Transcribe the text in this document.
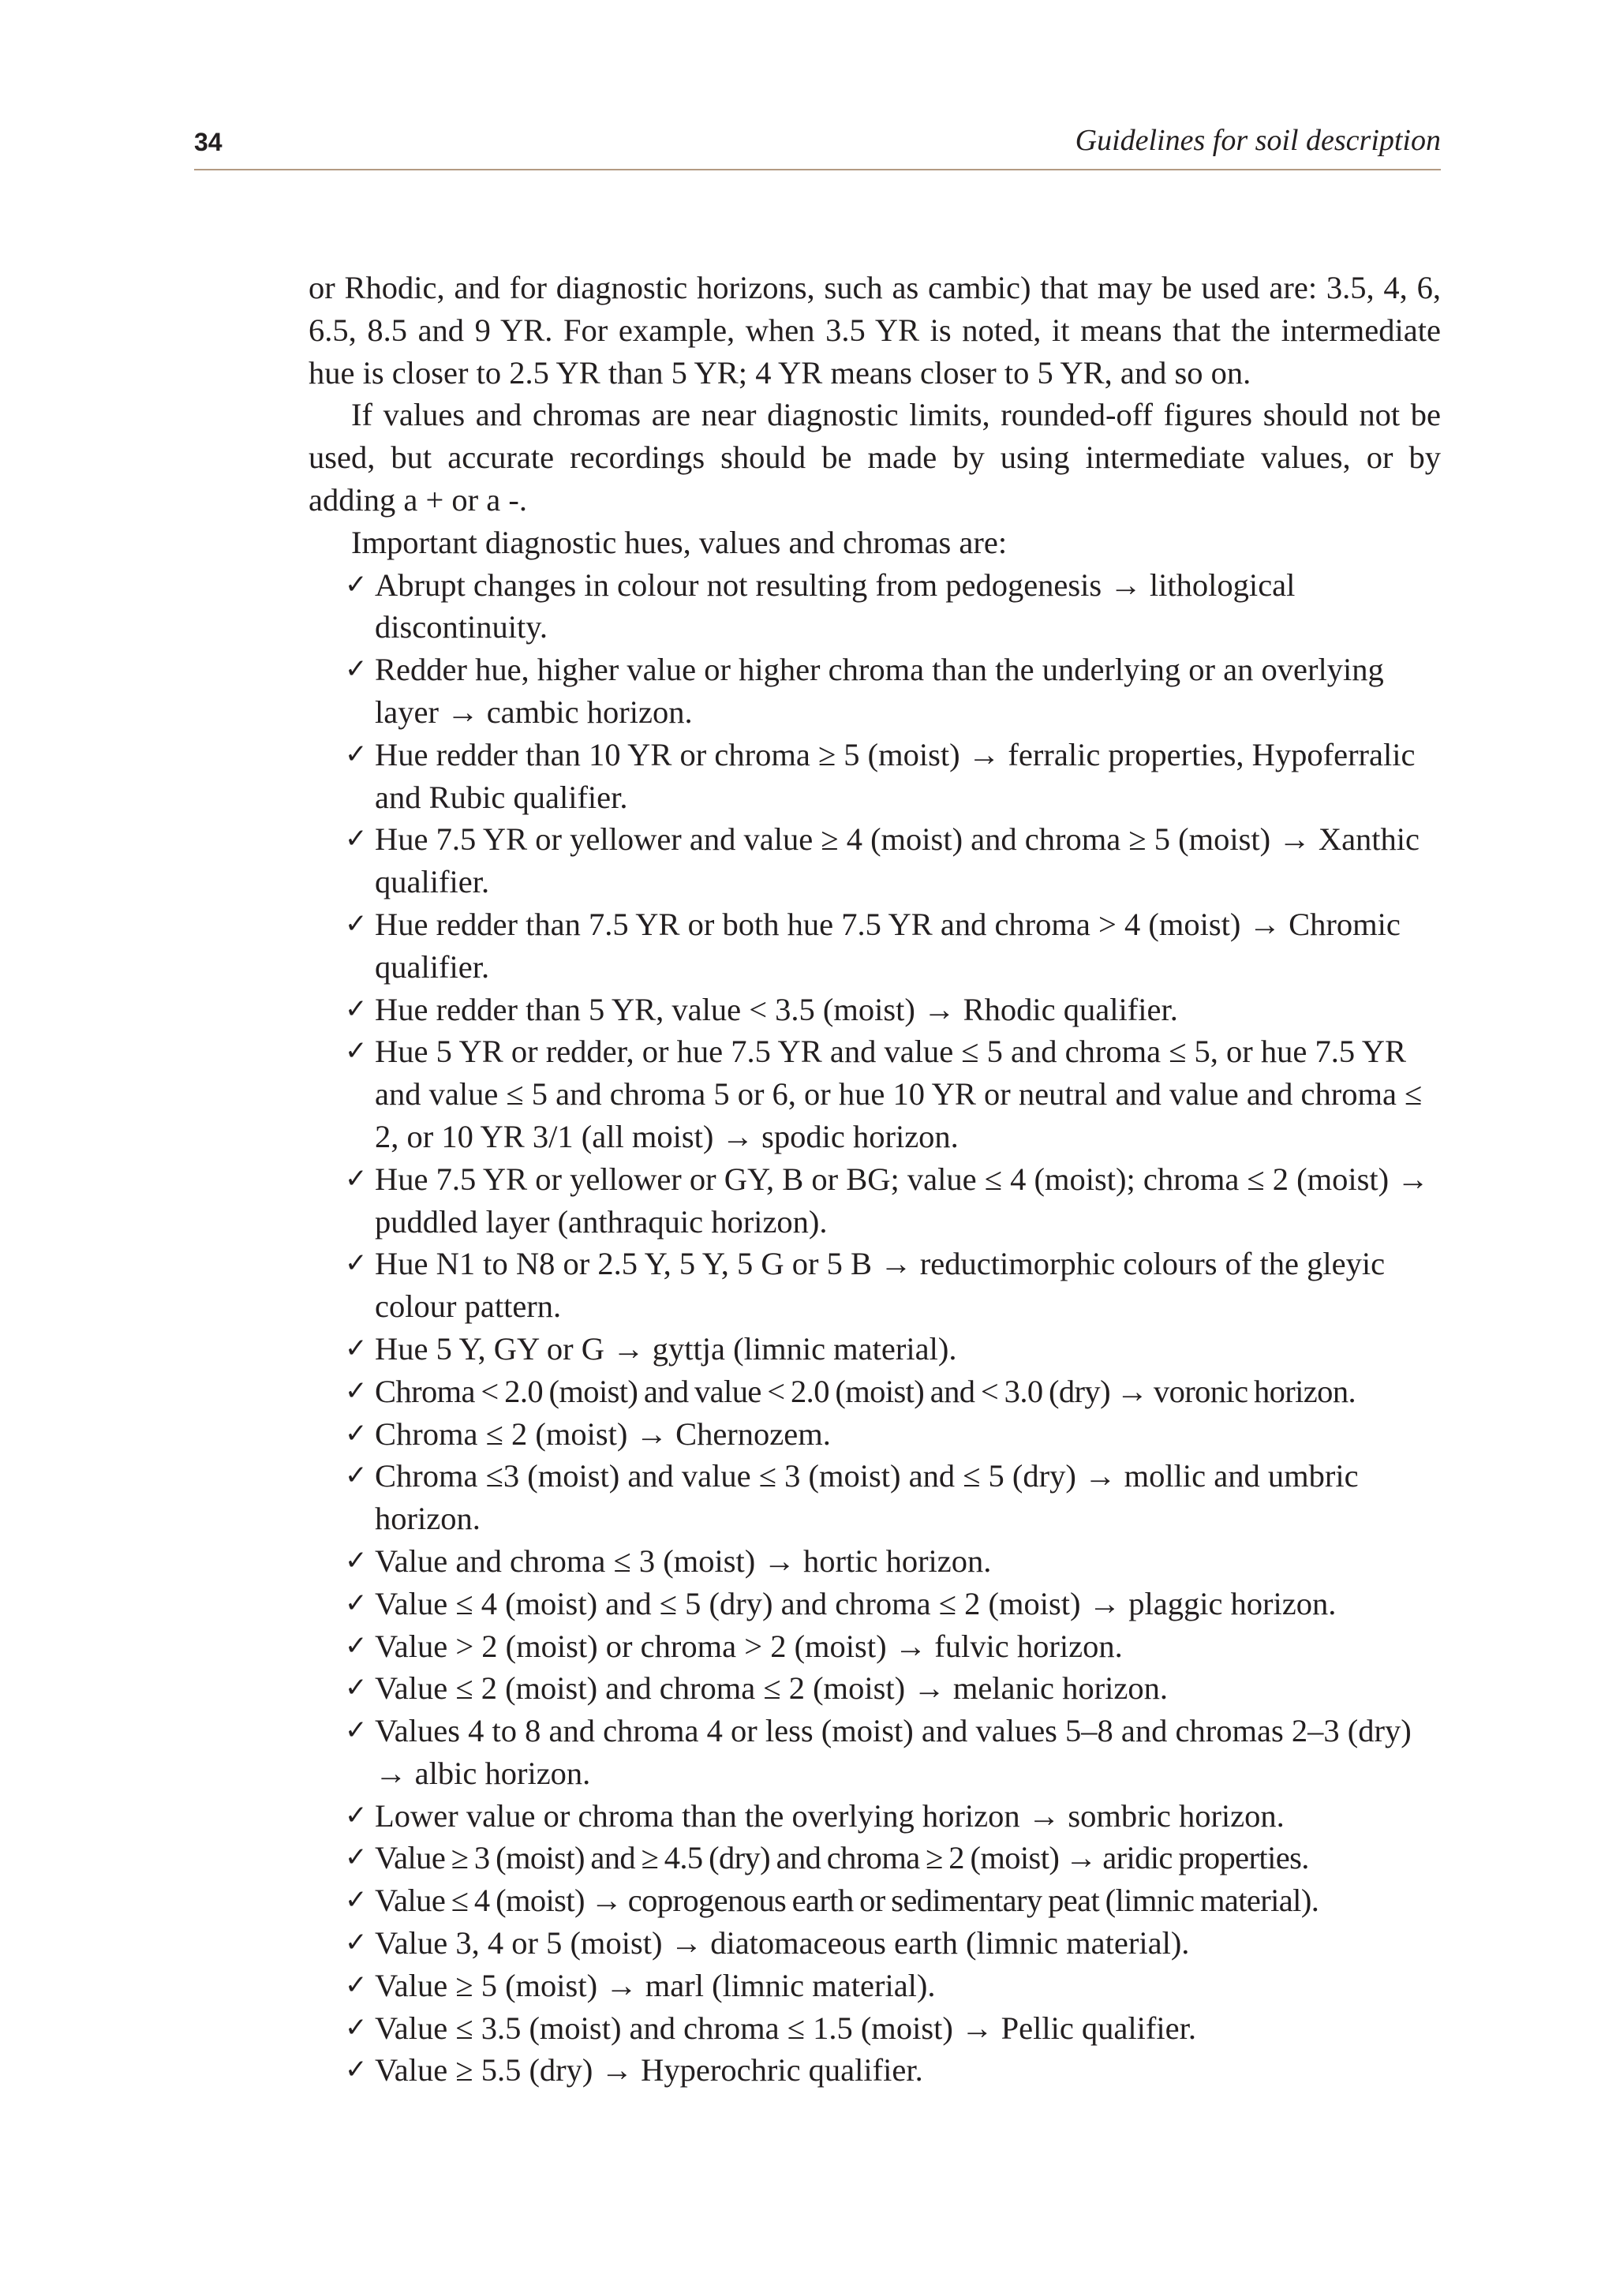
34	Guidelines for soil description

or Rhodic, and for diagnostic horizons, such as cambic) that may be used are: 3.5, 4, 6, 6.5, 8.5 and 9 YR. For example, when 3.5 YR is noted, it means that the intermediate hue is closer to 2.5 YR than 5 YR; 4 YR means closer to 5 YR, and so on.

If values and chromas are near diagnostic limits, rounded-off figures should not be used, but accurate recordings should be made by using intermediate values, or by adding a + or a -.

Important diagnostic hues, values and chromas are:

✓ Abrupt changes in colour not resulting from pedogenesis → lithological discontinuity.
✓ Redder hue, higher value or higher chroma than the underlying or an overlying layer → cambic horizon.
✓ Hue redder than 10 YR or chroma ≥ 5 (moist) → ferralic properties, Hypoferralic and Rubic qualifier.
✓ Hue 7.5 YR or yellower and value ≥ 4 (moist) and chroma ≥ 5 (moist) → Xanthic qualifier.
✓ Hue redder than 7.5 YR or both hue 7.5 YR and chroma > 4 (moist) → Chromic qualifier.
✓ Hue redder than 5 YR, value < 3.5 (moist) → Rhodic qualifier.
✓ Hue 5 YR or redder, or hue 7.5 YR and value ≤ 5 and chroma ≤ 5, or hue 7.5 YR and value ≤ 5 and chroma 5 or 6, or hue 10 YR or neutral and value and chroma ≤ 2, or 10 YR 3/1 (all moist) → spodic horizon.
✓ Hue 7.5 YR or yellower or GY, B or BG; value ≤ 4 (moist); chroma ≤ 2 (moist) → puddled layer (anthraquic horizon).
✓ Hue N1 to N8 or 2.5 Y, 5 Y, 5 G or 5 B → reductimorphic colours of the gleyic colour pattern.
✓ Hue 5 Y, GY or G → gyttja (limnic material).
✓ Chroma < 2.0 (moist) and value < 2.0 (moist) and < 3.0 (dry) → voronic horizon.
✓ Chroma ≤ 2 (moist) → Chernozem.
✓ Chroma ≤3 (moist) and value ≤ 3 (moist) and ≤ 5 (dry) → mollic and umbric horizon.
✓ Value and chroma ≤ 3 (moist) → hortic horizon.
✓ Value ≤ 4 (moist) and ≤ 5 (dry) and chroma ≤ 2 (moist) → plaggic horizon.
✓ Value > 2 (moist) or chroma > 2 (moist) → fulvic horizon.
✓ Value ≤ 2 (moist) and chroma ≤ 2 (moist) → melanic horizon.
✓ Values 4 to 8 and chroma 4 or less (moist) and values 5–8 and chromas 2–3 (dry) → albic horizon.
✓ Lower value or chroma than the overlying horizon → sombric horizon.
✓ Value ≥ 3 (moist) and ≥ 4.5 (dry) and chroma ≥ 2 (moist) → aridic properties.
✓ Value ≤ 4 (moist) → coprogenous earth or sedimentary peat (limnic material).
✓ Value 3, 4 or 5 (moist) → diatomaceous earth (limnic material).
✓ Value ≥ 5 (moist) → marl (limnic material).
✓ Value ≤ 3.5 (moist) and chroma ≤ 1.5 (moist) → Pellic qualifier.
✓ Value ≥ 5.5 (dry) → Hyperochric qualifier.
